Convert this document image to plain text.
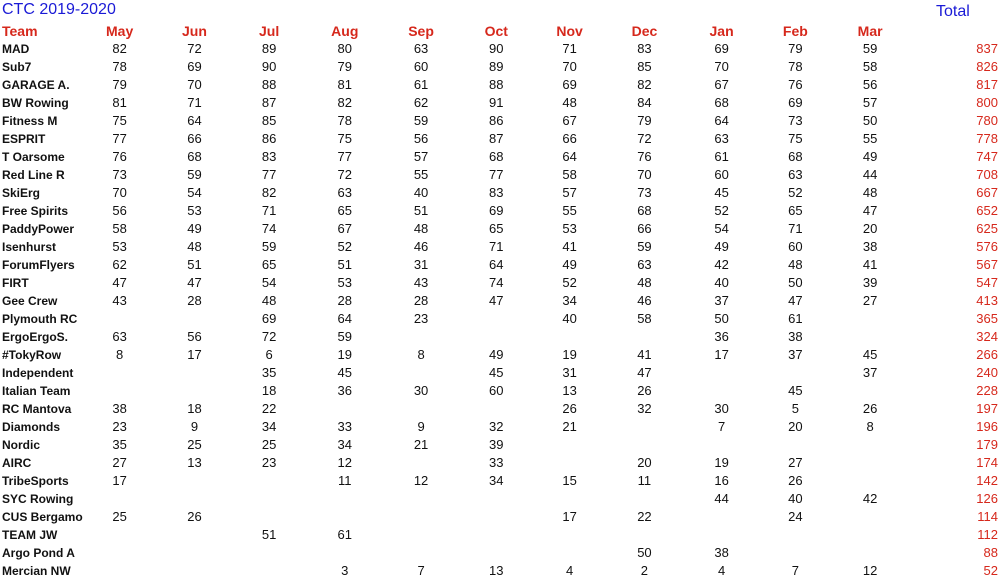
CTC 2019-2020	Total
Team	May	Jun	Jul	Aug	Sep	Oct	Nov	Dec	Jan	Feb	Mar	
MAD	82	72	89	80	63	90	71	83	69	79	59	837
Sub7	78	69	90	79	60	89	70	85	70	78	58	826
GARAGE A.	79	70	88	81	61	88	69	82	67	76	56	817
BW Rowing	81	71	87	82	62	91	48	84	68	69	57	800
Fitness M	75	64	85	78	59	86	67	79	64	73	50	780
ESPRIT	77	66	86	75	56	87	66	72	63	75	55	778
T Oarsome	76	68	83	77	57	68	64	76	61	68	49	747
Red Line R	73	59	77	72	55	77	58	70	60	63	44	708
SkiErg	70	54	82	63	40	83	57	73	45	52	48	667
Free Spirits	56	53	71	65	51	69	55	68	52	65	47	652
PaddyPower	58	49	74	67	48	65	53	66	54	71	20	625
Isenhurst	53	48	59	52	46	71	41	59	49	60	38	576
ForumFlyers	62	51	65	51	31	64	49	63	42	48	41	567
FIRT	47	47	54	53	43	74	52	48	40	50	39	547
Gee Crew	43	28	48	28	28	47	34	46	37	47	27	413
Plymouth RC			69	64	23		40	58	50	61		365
ErgoErgoS.	63	56	72	59					36	38		324
#TokyRow	8	17	6	19	8	49	19	41	17	37	45	266
Independent			35	45		45	31	47			37	240
Italian Team			18	36	30	60	13	26		45		228
RC Mantova	38	18	22				26	32	30	5	26	197
Diamonds	23	9	34	33	9	32	21		7	20	8	196
Nordic	35	25	25	34	21	39						179
AIRC	27	13	23	12		33		20	19	27		174
TribeSports	17			11	12	34	15	11	16	26		142
SYC Rowing									44	40	42	126
CUS Bergamo	25	26					17	22		24		114
TEAM JW			51	61								112
Argo Pond A								50	38			88
Mercian NW				3	7	13	4	2	4	7	12	52
